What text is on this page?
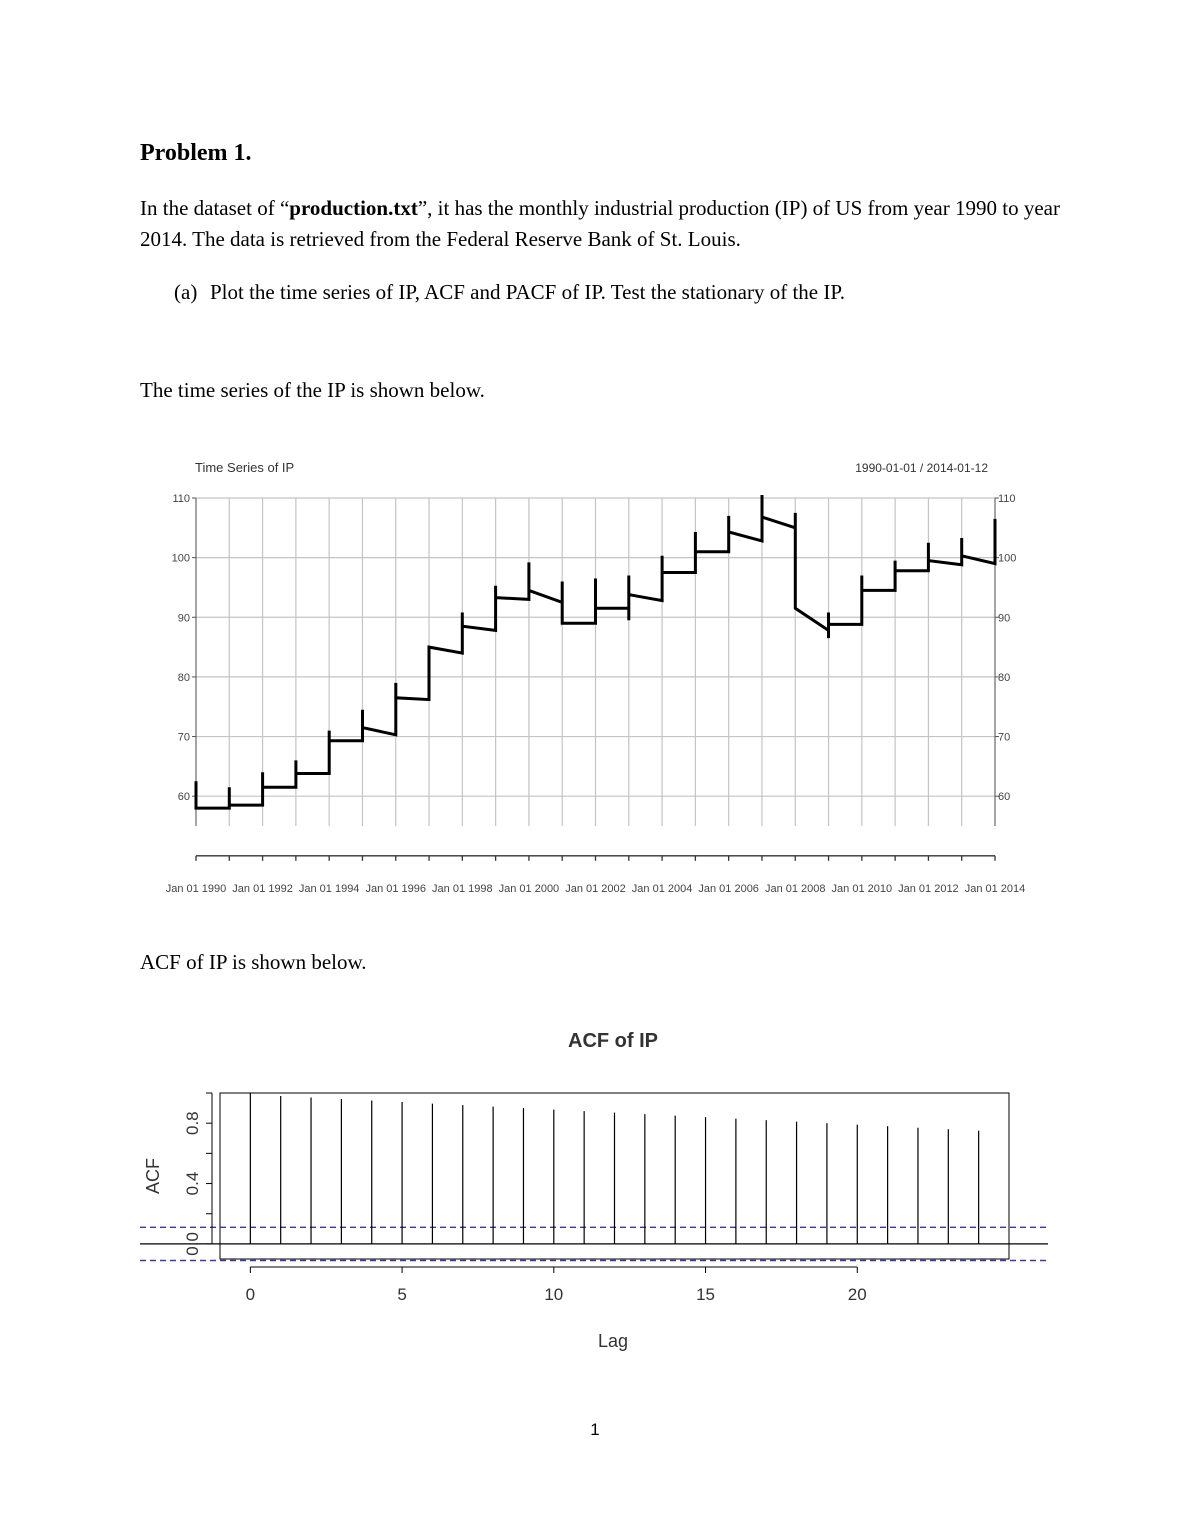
Problem 1.

In the dataset of “production.txt”, it has the monthly industrial production (IP) of US from year 1990 to year 2014. The data is retrieved from the Federal Reserve Bank of St. Louis.

(a) Plot the time series of IP, ACF and PACF of IP. Test the stationary of the IP.

The time series of the IP is shown below.

60	60
70	70
80	80
90	90
100	100
110	110
Jan 01 1990 Jan 01 1992 Jan 01 1994 Jan 01 1996 Jan 01 1998 Jan 01 2000 Jan 01 2002 Jan 01 2004 Jan 01 2006 Jan 01 2008 Jan 01 2010 Jan 01 2012 Jan 01 2014
Time Series of IP	1990-01-01 / 2014-01-12

ACF of IP is shown below.

ACF of IP
0	5	10	15	20
0.0
0.4
0.8
Lag
ACF
1
